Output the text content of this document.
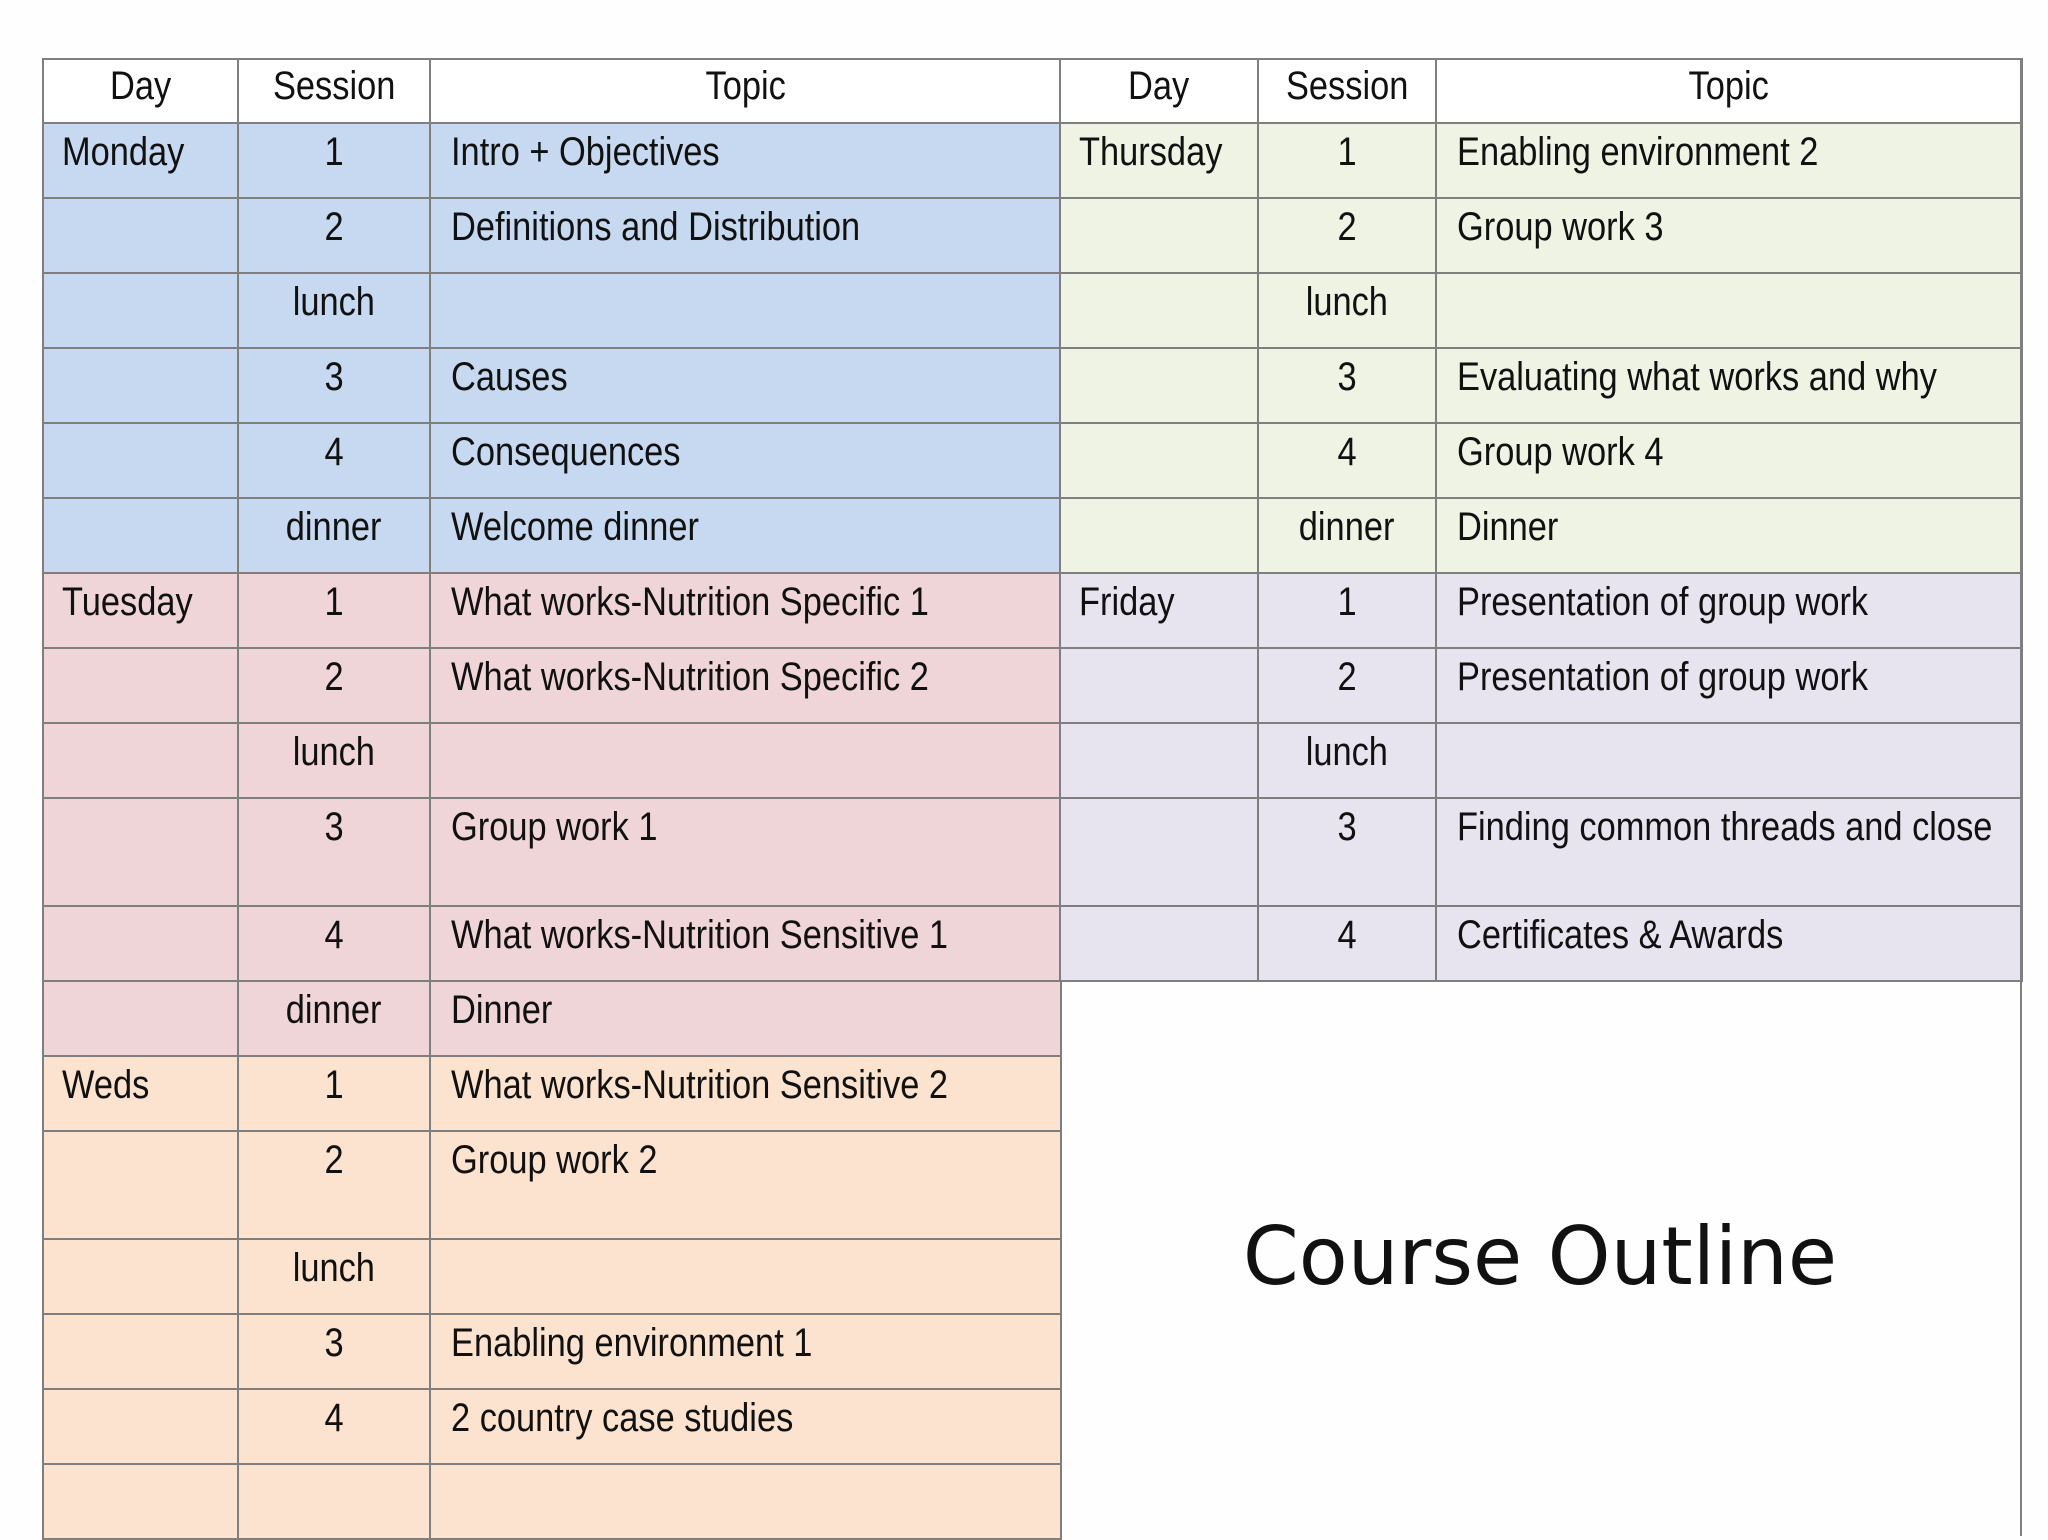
Day	Session	Topic
Monday	1	Intro + Objectives
	2	Definitions and Distribution
	lunch	
	3	Causes
	4	Consequences
	dinner	Welcome dinner
Tuesday	1	What works-Nutrition Specific 1
	2	What works-Nutrition Specific 2
	lunch	
	3	Group work 1
	4	What works-Nutrition Sensitive 1
	dinner	Dinner
Weds	1	What works-Nutrition Sensitive 2
	2	Group work 2
	lunch	
	3	Enabling environment 1
	4	2 country case studies

Day	Session	Topic
Thursday	1	Enabling environment 2
	2	Group work 3
	lunch	
	3	Evaluating what works and why
	4	Group work 4
	dinner	Dinner
Friday	1	Presentation of group work
	2	Presentation of group work
	lunch	
	3	Finding common threads and close
	4	Certificates & Awards
Course Outline
